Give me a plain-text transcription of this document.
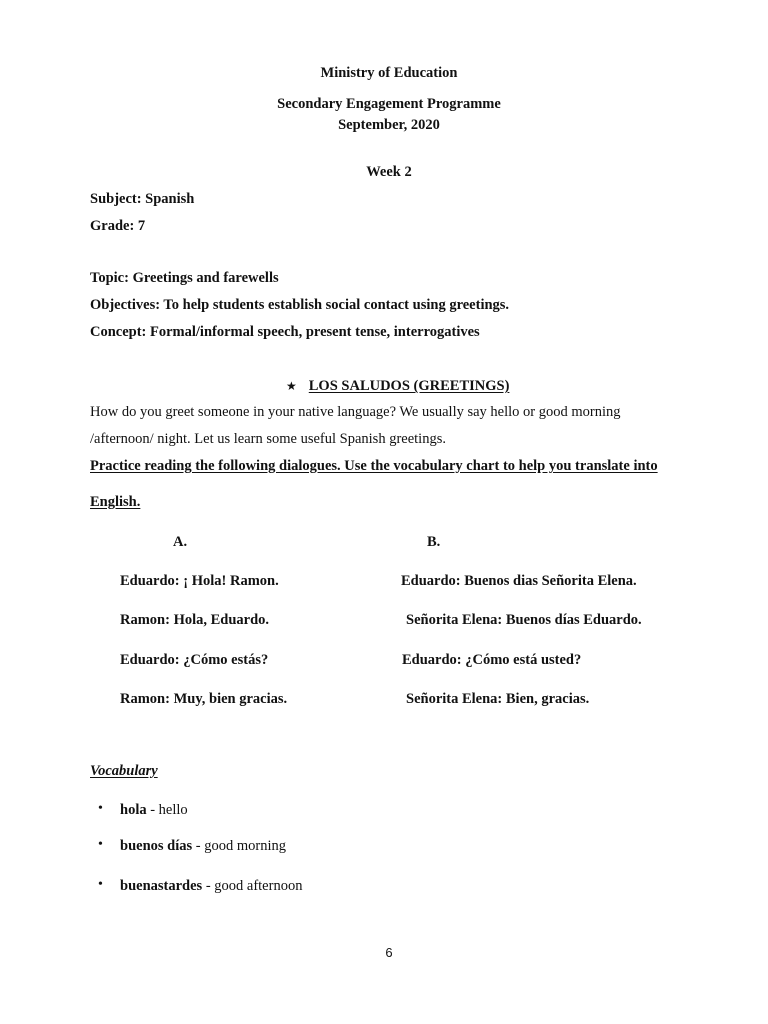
Ministry of Education
Secondary Engagement Programme
September, 2020
Week 2
Subject: Spanish
Grade: 7
Topic: Greetings and farewells
Objectives: To help students establish social contact using greetings.
Concept: Formal/informal speech, present tense, interrogatives
★ LOS SALUDOS (GREETINGS)
How do you greet someone in your native language? We usually say hello or good morning
/afternoon/ night. Let us learn some useful Spanish greetings.
Practice reading the following dialogues. Use the vocabulary chart to help you translate into
English.
A.	B.
Eduardo: ¡ Hola! Ramon.
Ramon: Hola, Eduardo.
Eduardo: ¿Cómo estás?
Ramon: Muy, bien gracias.
Eduardo: Buenos dias Señorita Elena.
Señorita Elena: Buenos días Eduardo.
Eduardo: ¿Cómo está usted?
Señorita Elena: Bien, gracias.
Vocabulary
• hola - hello
• buenos días - good morning
• buenastardes - good afternoon
6
